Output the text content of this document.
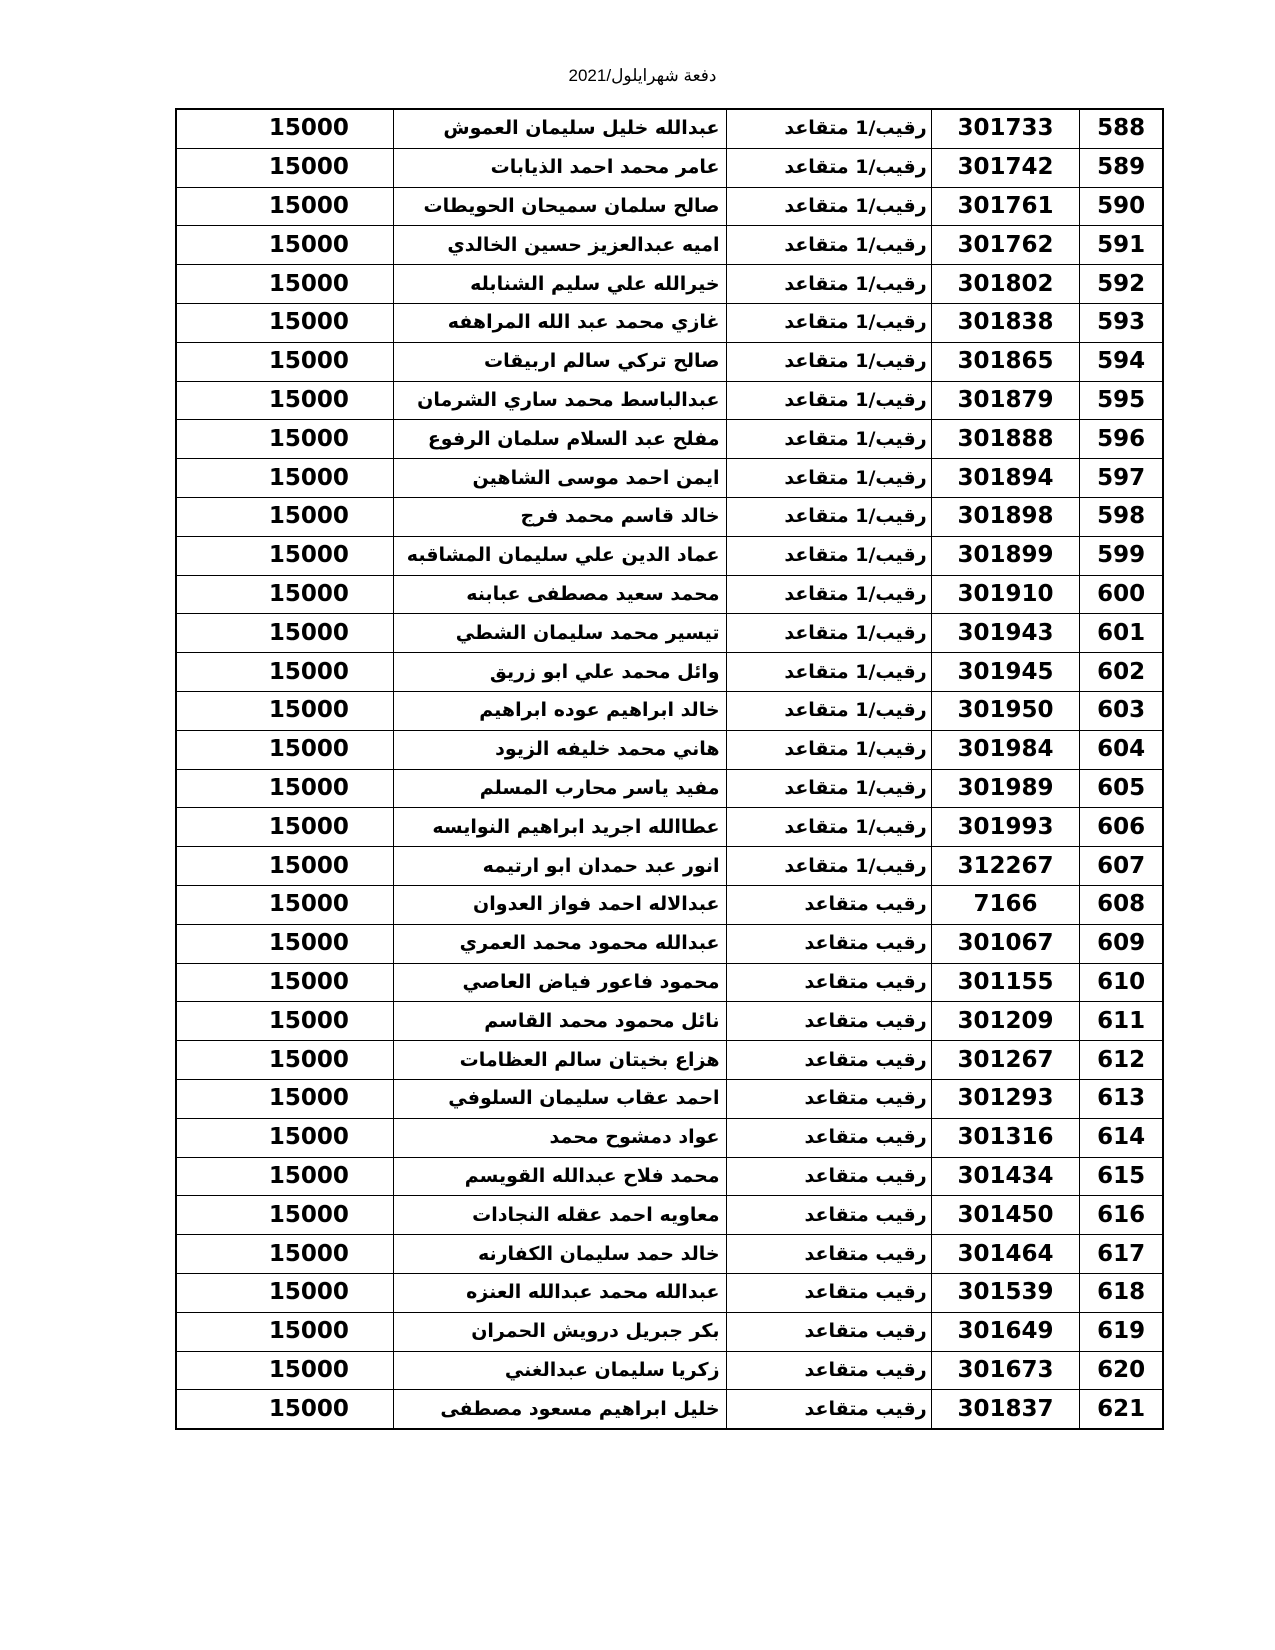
دفعة شهرايلول/2021
588	301733	رقيب/1 متقاعد	عبدالله خليل سليمان العموش	15000
589	301742	رقيب/1 متقاعد	عامر محمد احمد الذيابات	15000
590	301761	رقيب/1 متقاعد	صالح سلمان سميحان الحويطات	15000
591	301762	رقيب/1 متقاعد	اميه عبدالعزيز حسين الخالدي	15000
592	301802	رقيب/1 متقاعد	خيرالله علي سليم الشنابله	15000
593	301838	رقيب/1 متقاعد	غازي محمد عبد الله المراهفه	15000
594	301865	رقيب/1 متقاعد	صالح تركي سالم اربيقات	15000
595	301879	رقيب/1 متقاعد	عبدالباسط محمد ساري الشرمان	15000
596	301888	رقيب/1 متقاعد	مفلح عبد السلام سلمان الرفوع	15000
597	301894	رقيب/1 متقاعد	ايمن احمد موسى الشاهين	15000
598	301898	رقيب/1 متقاعد	خالد قاسم محمد فرج	15000
599	301899	رقيب/1 متقاعد	عماد الدين علي سليمان المشاقبه	15000
600	301910	رقيب/1 متقاعد	محمد سعيد مصطفى عبابنه	15000
601	301943	رقيب/1 متقاعد	تيسير محمد سليمان الشطي	15000
602	301945	رقيب/1 متقاعد	وائل محمد علي ابو زريق	15000
603	301950	رقيب/1 متقاعد	خالد ابراهيم عوده ابراهيم	15000
604	301984	رقيب/1 متقاعد	هاني محمد خليفه الزيود	15000
605	301989	رقيب/1 متقاعد	مفيد ياسر محارب المسلم	15000
606	301993	رقيب/1 متقاعد	عطاالله اجريد ابراهيم النوايسه	15000
607	312267	رقيب/1 متقاعد	انور عبد حمدان ابو ارتيمه	15000
608	7166	رقيب متقاعد	عبدالاله احمد فواز العدوان	15000
609	301067	رقيب متقاعد	عبدالله محمود محمد العمري	15000
610	301155	رقيب متقاعد	محمود فاعور فياض العاصي	15000
611	301209	رقيب متقاعد	نائل محمود محمد القاسم	15000
612	301267	رقيب متقاعد	هزاع بخيتان سالم العظامات	15000
613	301293	رقيب متقاعد	احمد عقاب سليمان السلوفي	15000
614	301316	رقيب متقاعد	عواد دمشوح محمد	15000
615	301434	رقيب متقاعد	محمد فلاح عبدالله القويسم	15000
616	301450	رقيب متقاعد	معاويه احمد عقله النجادات	15000
617	301464	رقيب متقاعد	خالد حمد سليمان الكفارنه	15000
618	301539	رقيب متقاعد	عبدالله محمد عبدالله العنزه	15000
619	301649	رقيب متقاعد	بكر جبريل درويش الحمران	15000
620	301673	رقيب متقاعد	زكريا سليمان عبدالغني	15000
621	301837	رقيب متقاعد	خليل ابراهيم مسعود مصطفى	15000
